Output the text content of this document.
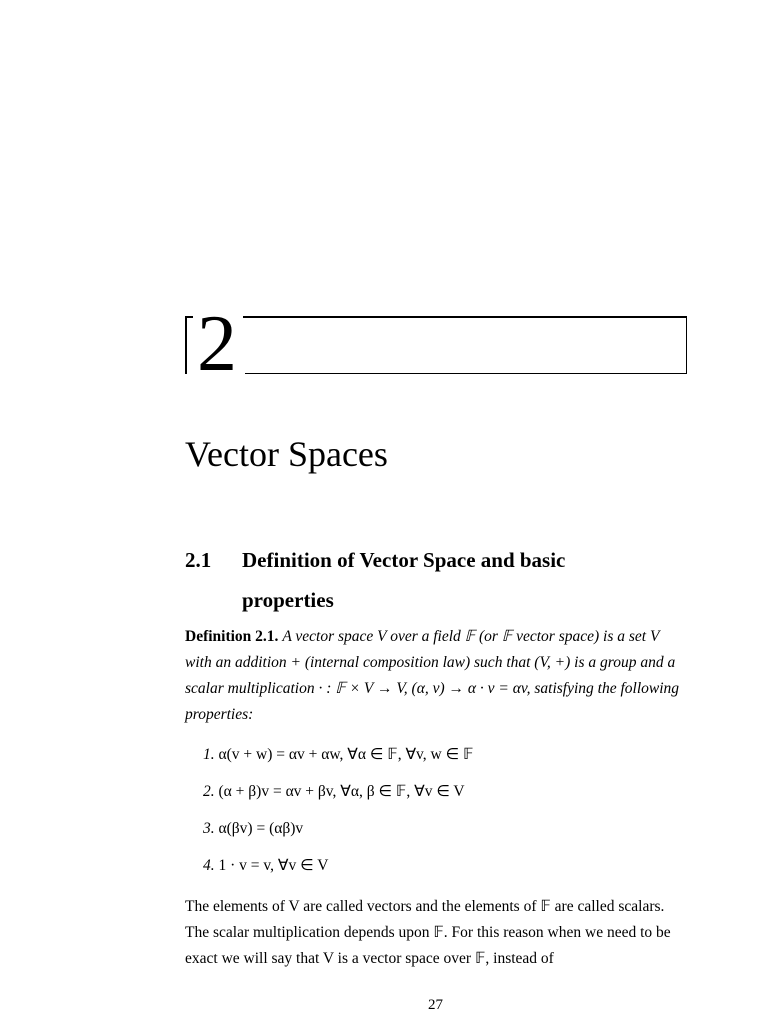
2
Vector Spaces
2.1 Definition of Vector Space and basic properties
Definition 2.1. A vector space V over a field 𝔽 (or 𝔽 vector space) is a set V with an addition + (internal composition law) such that (V, +) is a group and a scalar multiplication · : 𝔽 × V → V, (α, v) → α · v = αv, satisfying the following properties:
1. α(v + w) = αv + αw, ∀α ∈ 𝔽, ∀v, w ∈ 𝔽
2. (α + β)v = αv + βv, ∀α, β ∈ 𝔽, ∀v ∈ V
3. α(βv) = (αβ)v
4. 1 · v = v, ∀v ∈ V
The elements of V are called vectors and the elements of 𝔽 are called scalars. The scalar multiplication depends upon 𝔽. For this reason when we need to be exact we will say that V is a vector space over 𝔽, instead of
27
